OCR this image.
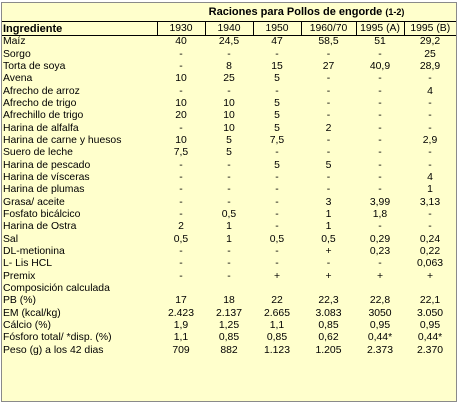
	Raciones para Pollos de engorde (1-2)					
Ingrediente	1930	1940	1950	1960/70	1995 (A)	1995 (B)
Maíz	40	24,5	47	58,5	51	29,2
Sorgo	-	-	-	-	-	25
Torta de soya	-	8	15	27	40,9	28,9
Avena	10	25	5	-	-	-
Afrecho de arroz	-	-	-	-	-	4
Afrecho de trigo	10	10	5	-	-	-
Afrechillo de trigo	20	10	5	-	-	-
Harina de alfalfa	-	10	5	2	-	-
Harina de carne y huesos	10	5	7,5	-	-	2,9
Suero de leche	7,5	5	-	-	-	-
Harina de pescado	-	-	5	5	-	-
Harina de vísceras	-	-	-	-	-	4
Harina de plumas	-	-	-	-	-	1
Grasa/ aceite	-	-	-	3	3,99	3,13
Fosfato bicálcico	-	0,5	-	1	1,8	-
Harina de Ostra	2	1	-	1	-	-
Sal	0,5	1	0,5	0,5	0,29	0,24
DL-metionina	-	-	-	+	0,23	0,22
L- Lis HCL	-	-	-	-	-	0,063
Premix	-	-	+	+	+	+
Composición calculada						
PB (%)	17	18	22	22,3	22,8	22,1
EM (kcal/kg)	2.423	2.137	2.665	3.083	3050	3.050
Cálcio (%)	1,9	1,25	1,1	0,85	0,95	0,95
Fósforo total/ *disp. (%)	1,1	0,85	0,85	0,62	0,44*	0,44*
Peso (g) a los 42 dias	709	882	1.123	1.205	2.373	2.370
